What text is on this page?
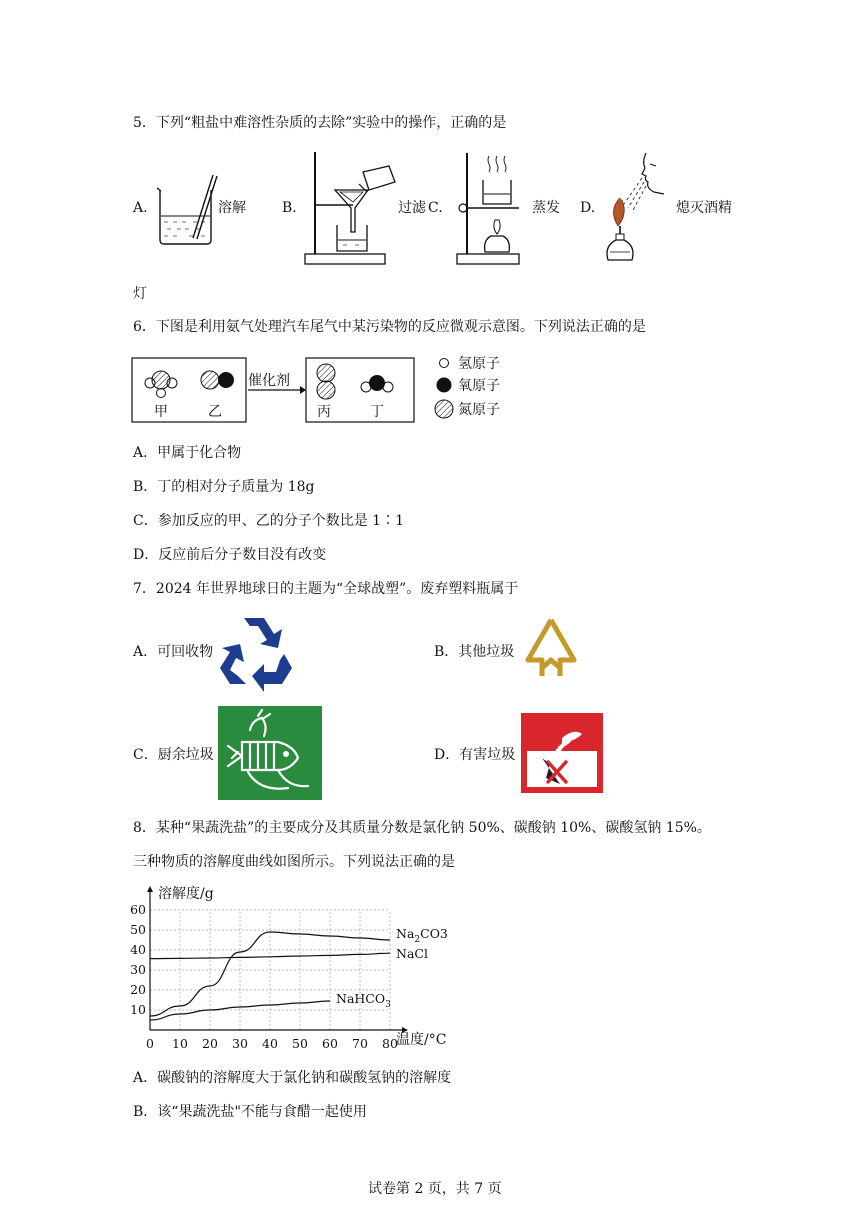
5．下列“粗盐中难溶性杂质的去除”实验中的操作，正确的是
A.	溶解	B.	过滤 C.	蒸发 D.	熄灭酒精
灯
6．下图是利用氨气处理汽车尾气中某污染物的反应微观示意图。下列说法正确的是
甲	乙
催化剂
丙	丁
氢原子
氧原子
氮原子
A．甲属于化合物
B．丁的相对分子质量为 18g
C．参加反应的甲、乙的分子个数比是 1∶1
D．反应前后分子数目没有改变
7．2024 年世界地球日的主题为“全球战塑”。废弃塑料瓶属于
A．可回收物	B．其他垃圾
C．厨余垃圾	D．有害垃圾
8．某种“果蔬洗盐”的主要成分及其质量分数是氯化钠 50%、碳酸钠 10%、碳酸氢钠 15%。
三种物质的溶解度曲线如图所示。下列说法正确的是
0 10 20 30 40 50 60 70 80
10
20
30
40
50
60
$Na_2CO3$
NaCl
NaHCO$_3$
溶解度/g
温度/°C
A．碳酸钠的溶解度大于氯化钠和碳酸氢钠的溶解度
B．该“果蔬洗盐"不能与食醋一起使用
试卷第 2 页，共 7 页
